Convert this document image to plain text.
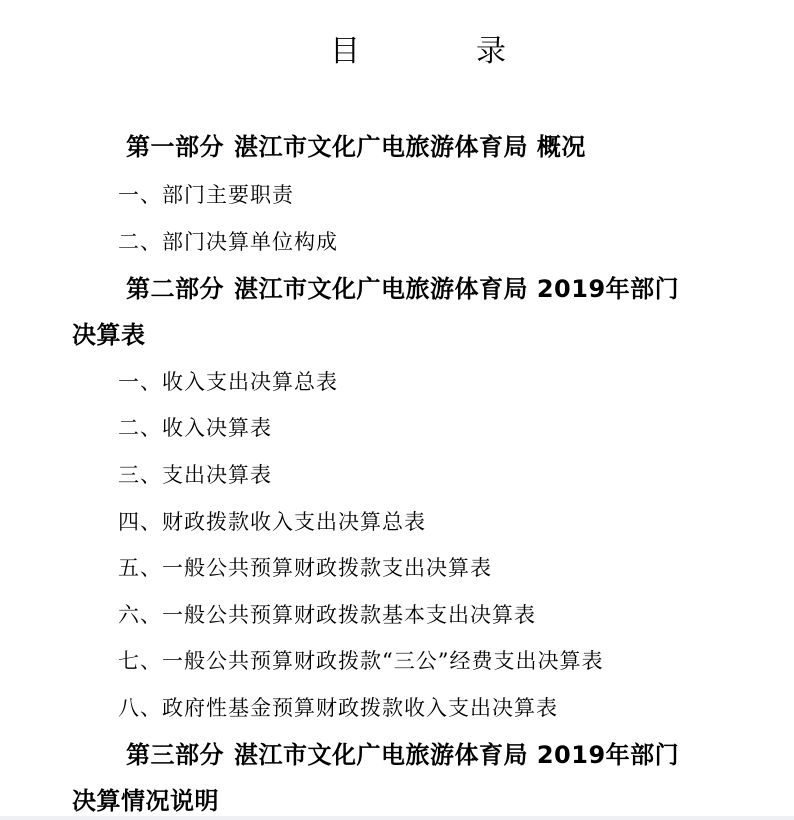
目	录
第一部分 湛江市文化广电旅游体育局 概况
一、部门主要职责
二、部门决算单位构成
第二部分 湛江市文化广电旅游体育局 2019年部门
决算表
一、收入支出决算总表
二、收入决算表
三、支出决算表
四、财政拨款收入支出决算总表
五、一般公共预算财政拨款支出决算表
六、一般公共预算财政拨款基本支出决算表
七、一般公共预算财政拨款“三公”经费支出决算表
八、政府性基金预算财政拨款收入支出决算表
第三部分 湛江市文化广电旅游体育局 2019年部门
决算情况说明
